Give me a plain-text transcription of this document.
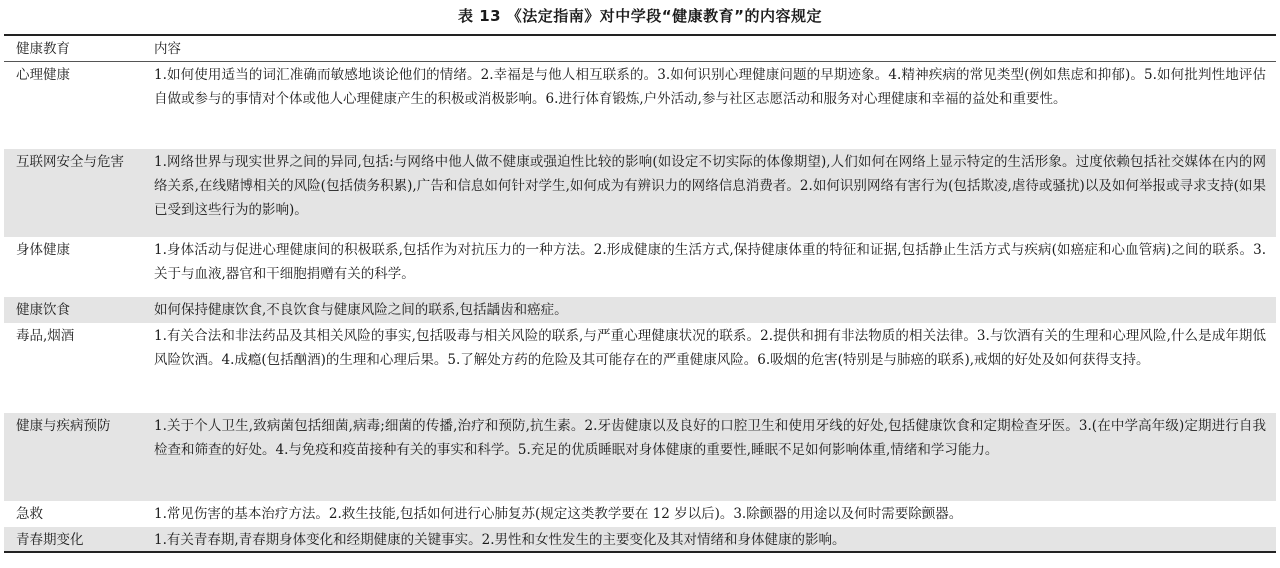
表 13 《法定指南》对中学段“健康教育”的内容规定
健康教育	内容
心理健康	1.如何使用适当的词汇准确而敏感地谈论他们的情绪。2.幸福是与他人相互联系的。3.如何识别心理健康问题的早期迹象。4.精神疾病的常见类型(例如焦虑和抑郁)。5.如何批判性地评估自做或参与的事情对个体或他人心理健康产生的积极或消极影响。6.进行体育锻炼,户外活动,参与社区志愿活动和服务对心理健康和幸福的益处和重要性。
互联网安全与危害	1.网络世界与现实世界之间的异同,包括:与网络中他人做不健康或强迫性比较的影响(如设定不切实际的体像期望),人们如何在网络上显示特定的生活形象。过度依赖包括社交媒体在内的网络关系,在线赌博相关的风险(包括债务积累),广告和信息如何针对学生,如何成为有辨识力的网络信息消费者。2.如何识别网络有害行为(包括欺凌,虐待或骚扰)以及如何举报或寻求支持(如果已受到这些行为的影响)。
身体健康	1.身体活动与促进心理健康间的积极联系,包括作为对抗压力的一种方法。2.形成健康的生活方式,保持健康体重的特征和证据,包括静止生活方式与疾病(如癌症和心血管病)之间的联系。3.关于与血液,器官和干细胞捐赠有关的科学。
健康饮食	如何保持健康饮食,不良饮食与健康风险之间的联系,包括龋齿和癌症。
毒品,烟酒	1.有关合法和非法药品及其相关风险的事实,包括吸毒与相关风险的联系,与严重心理健康状况的联系。2.提供和拥有非法物质的相关法律。3.与饮酒有关的生理和心理风险,什么是成年期低风险饮酒。4.成瘾(包括酗酒)的生理和心理后果。5.了解处方药的危险及其可能存在的严重健康风险。6.吸烟的危害(特别是与肺癌的联系),戒烟的好处及如何获得支持。
健康与疾病预防	1.关于个人卫生,致病菌包括细菌,病毒;细菌的传播,治疗和预防,抗生素。2.牙齿健康以及良好的口腔卫生和使用牙线的好处,包括健康饮食和定期检查牙医。3.(在中学高年级)定期进行自我检查和筛查的好处。4.与免疫和疫苗接种有关的事实和科学。5.充足的优质睡眠对身体健康的重要性,睡眠不足如何影响体重,情绪和学习能力。
急救	1.常见伤害的基本治疗方法。2.救生技能,包括如何进行心肺复苏(规定这类教学要在 12 岁以后)。3.除颤器的用途以及何时需要除颤器。
青春期变化	1.有关青春期,青春期身体变化和经期健康的关键事实。2.男性和女性发生的主要变化及其对情绪和身体健康的影响。
